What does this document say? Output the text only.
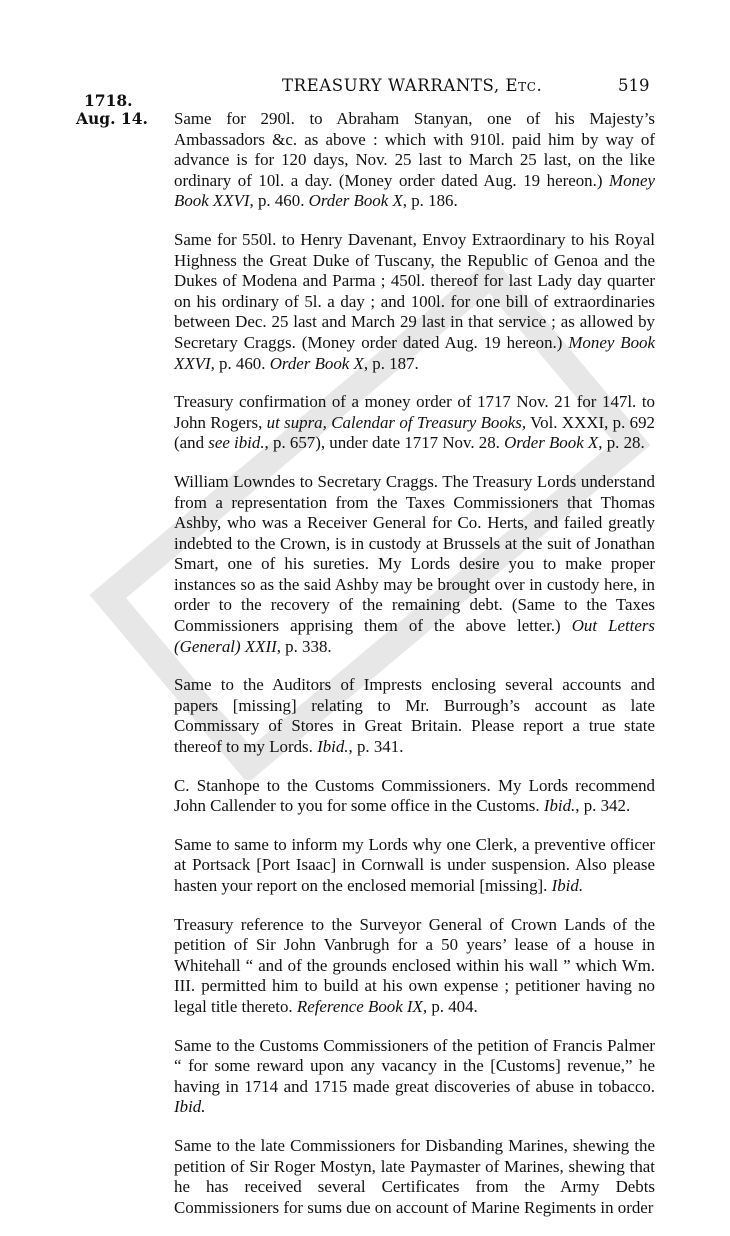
TREASURY WARRANTS, Etc.	519
1718.
Aug. 14. Same for 290l. to Abraham Stanyan, one of his Majesty’s Ambassadors &c. as above : which with 910l. paid him by way of advance is for 120 days, Nov. 25 last to March 25 last, on the like ordinary of 10l. a day. (Money order dated Aug. 19 hereon.) Money Book XXVI, p. 460. Order Book X, p. 186.

Same for 550l. to Henry Davenant, Envoy Extraordinary to his Royal Highness the Great Duke of Tuscany, the Republic of Genoa and the Dukes of Modena and Parma ; 450l. thereof for last Lady day quarter on his ordinary of 5l. a day ; and 100l. for one bill of extraordinaries between Dec. 25 last and March 29 last in that service ; as allowed by Secretary Craggs. (Money order dated Aug. 19 hereon.) Money Book XXVI, p. 460. Order Book X, p. 187.

Treasury confirmation of a money order of 1717 Nov. 21 for 147l. to John Rogers, ut supra, Calendar of Treasury Books, Vol. XXXI, p. 692 (and see ibid., p. 657), under date 1717 Nov. 28. Order Book X, p. 28.

William Lowndes to Secretary Craggs. The Treasury Lords understand from a representation from the Taxes Commissioners that Thomas Ashby, who was a Receiver General for Co. Herts, and failed greatly indebted to the Crown, is in custody at Brussels at the suit of Jonathan Smart, one of his sureties. My Lords desire you to make proper instances so as the said Ashby may be brought over in custody here, in order to the recovery of the remaining debt. (Same to the Taxes Commissioners apprising them of the above letter.) Out Letters (General) XXII, p. 338.

Same to the Auditors of Imprests enclosing several accounts and papers [missing] relating to Mr. Burrough’s account as late Commissary of Stores in Great Britain. Please report a true state thereof to my Lords. Ibid., p. 341.

C. Stanhope to the Customs Commissioners. My Lords recommend John Callender to you for some office in the Customs. Ibid., p. 342.

Same to same to inform my Lords why one Clerk, a preventive officer at Portsack [Port Isaac] in Cornwall is under suspension. Also please hasten your report on the enclosed memorial [missing]. Ibid.

Treasury reference to the Surveyor General of Crown Lands of the petition of Sir John Vanbrugh for a 50 years’ lease of a house in Whitehall “ and of the grounds enclosed within his wall ” which Wm. III. permitted him to build at his own expense ; petitioner having no legal title thereto. Reference Book IX, p. 404.

Same to the Customs Commissioners of the petition of Francis Palmer “ for some reward upon any vacancy in the [Customs] revenue,” he having in 1714 and 1715 made great discoveries of abuse in tobacco. Ibid.

Same to the late Commissioners for Disbanding Marines, shewing the petition of Sir Roger Mostyn, late Paymaster of Marines, shewing that he has received several Certificates from the Army Debts Commissioners for sums due on account of Marine Regiments in order
